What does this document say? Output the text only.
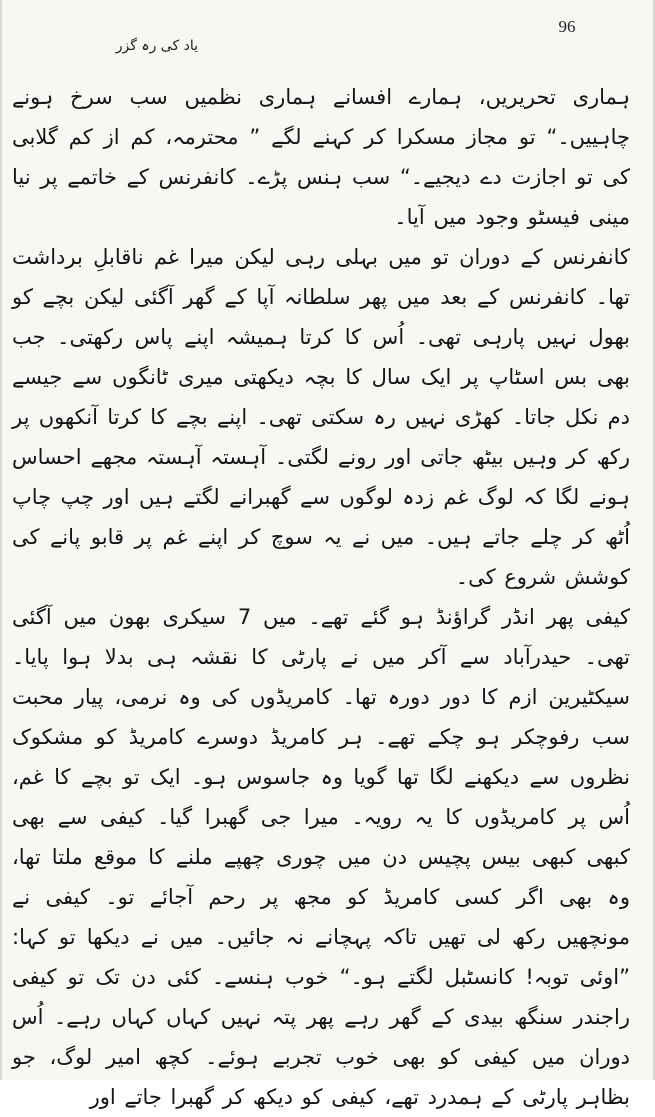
96
یاد کی رہ گزر

ہماری تحریریں، ہمارے افسانے ہماری نظمیں سب سرخ ہونے چاہییں۔“ تو مجاز مسکرا کر کہنے لگے ” محترمہ، کم از کم گلابی کی تو اجازت دے دیجیے۔“ سب ہنس پڑے۔ کانفرنس کے خاتمے پر نیا مینی فیسٹو وجود میں آیا۔

کانفرنس کے دوران تو میں بہلی رہی لیکن میرا غم ناقابلِ برداشت تھا۔ کانفرنس کے بعد میں پھر سلطانہ آپا کے گھر آگئی لیکن بچے کو بھول نہیں پارہی تھی۔ اُس کا کرتا ہمیشہ اپنے پاس رکھتی۔ جب بھی بس اسٹاپ پر ایک سال کا بچہ دیکھتی میری ٹانگوں سے جیسے دم نکل جاتا۔ کھڑی نہیں رہ سکتی تھی۔ اپنے بچے کا کرتا آنکھوں پر رکھ کر وہیں بیٹھ جاتی اور رونے لگتی۔ آہستہ آہستہ مجھے احساس ہونے لگا کہ لوگ غم زدہ لوگوں سے گھبرانے لگتے ہیں اور چپ چاپ اُٹھ کر چلے جاتے ہیں۔ میں نے یہ سوچ کر اپنے غم پر قابو پانے کی کوشش شروع کی۔

کیفی پھر انڈر گراؤنڈ ہو گئے تھے۔ میں 7 سیکری بھون میں آگئی تھی۔ حیدرآباد سے آکر میں نے پارٹی کا نقشہ ہی بدلا ہوا پایا۔ سیکٹیرین ازم کا دور دورہ تھا۔ کامریڈوں کی وہ نرمی، پیار محبت سب رفوچکر ہو چکے تھے۔ ہر کامریڈ دوسرے کامریڈ کو مشکوک نظروں سے دیکھنے لگا تھا گویا وہ جاسوس ہو۔ ایک تو بچے کا غم، اُس پر کامریڈوں کا یہ رویہ۔ میرا جی گھبرا گیا۔ کیفی سے بھی کبھی کبھی بیس پچیس دن میں چوری چھپے ملنے کا موقع ملتا تھا، وہ بھی اگر کسی کامریڈ کو مجھ پر رحم آجائے تو۔ کیفی نے مونچھیں رکھ لی تھیں تاکہ پہچانے نہ جائیں۔ میں نے دیکھا تو کہا: ”اوئی توبہ! کانسٹبل لگتے ہو۔“ خوب ہنسے۔ کئی دن تک تو کیفی راجندر سنگھ بیدی کے گھر رہے پھر پتہ نہیں کہاں کہاں رہے۔ اُس دوران میں کیفی کو بھی خوب تجربے ہوئے۔ کچھ امیر لوگ، جو بظاہر پارٹی کے ہمدرد تھے، کیفی کو دیکھ کر گھبرا جاتے اور
